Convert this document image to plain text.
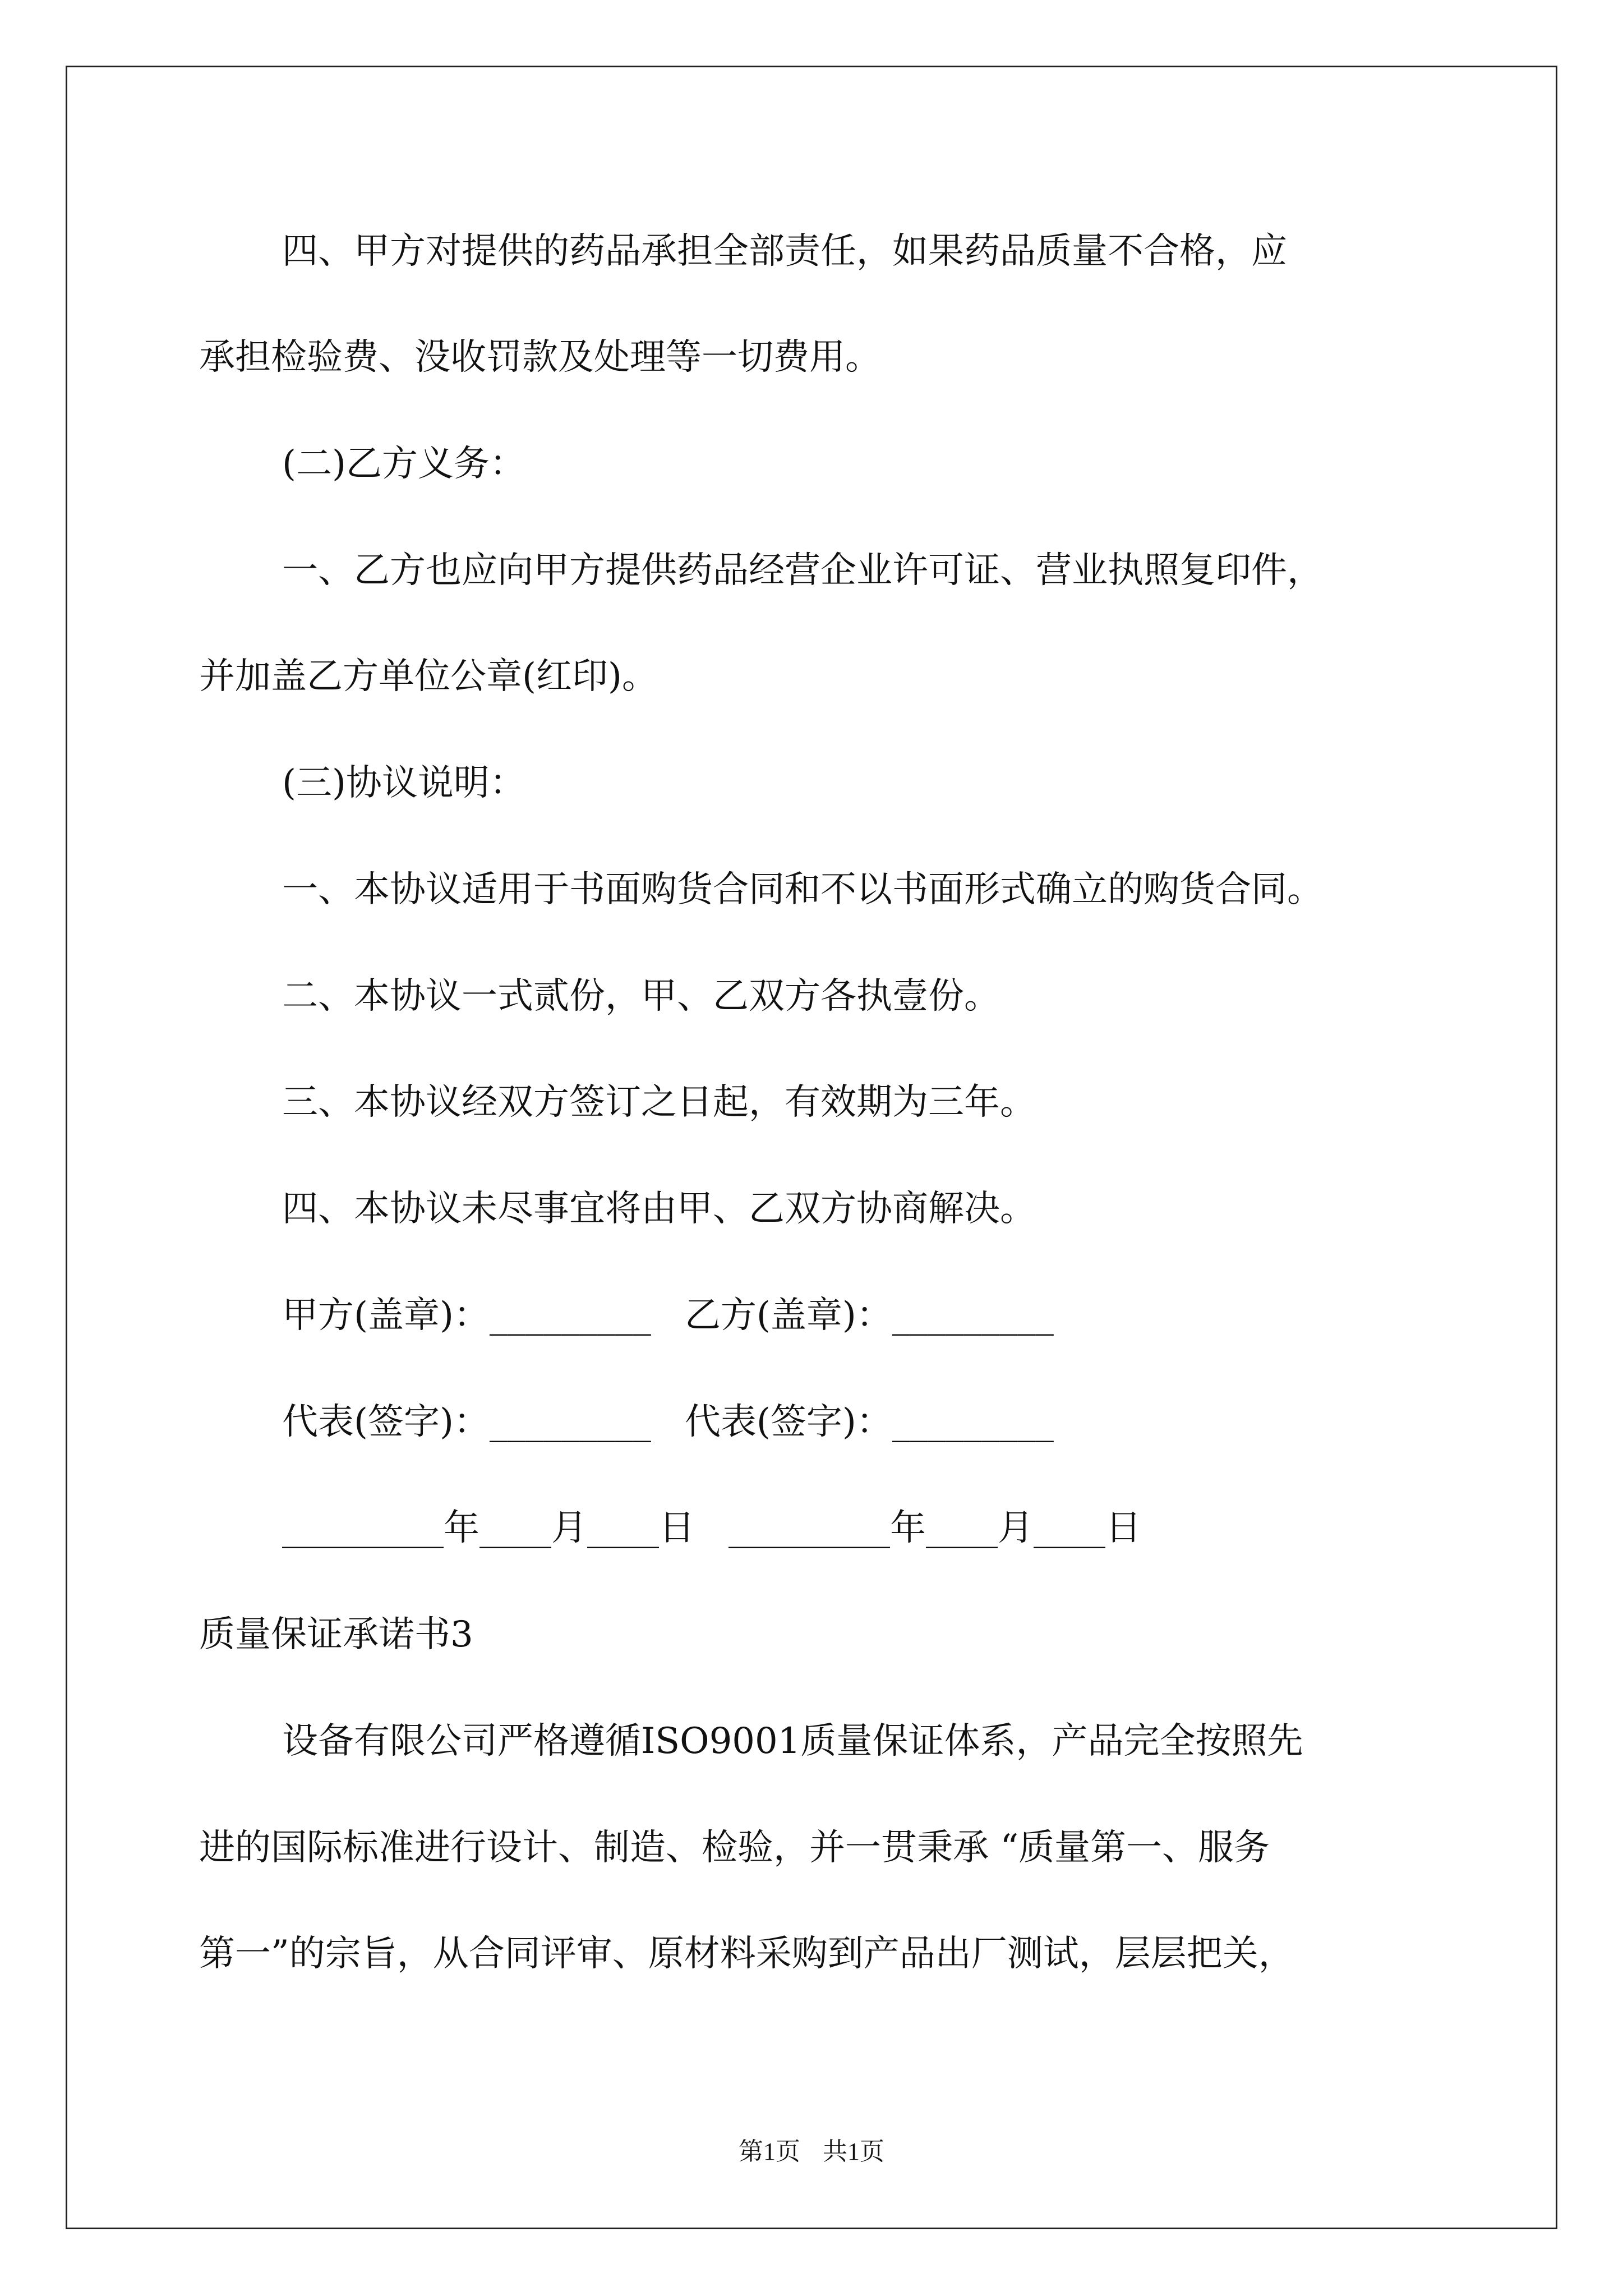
四、甲方对提供的药品承担全部责任，如果药品质量不合格，应
承担检验费、没收罚款及处理等一切费用。
(二)乙方义务：
一、乙方也应向甲方提供药品经营企业许可证、营业执照复印件，
并加盖乙方单位公章(红印)。
(三)协议说明：
一、本协议适用于书面购货合同和不以书面形式确立的购货合同。
二、本协议一式贰份，甲、乙双方各执壹份。
三、本协议经双方签订之日起，有效期为三年。
四、本协议未尽事宜将由甲、乙双方协商解决。
甲方(盖章)：_________ 乙方(盖章)：_________
代表(签字)：_________ 代表(签字)：_________
_________年____月____日 _________年____月____日
质量保证承诺书3
设备有限公司严格遵循ISO9001质量保证体系，产品完全按照先
进的国际标准进行设计、制造、检验，并一贯秉承 “质量第一、服务
第一”的宗旨，从合同评审、原材料采购到产品出厂测试，层层把关，
第1页 共1页
